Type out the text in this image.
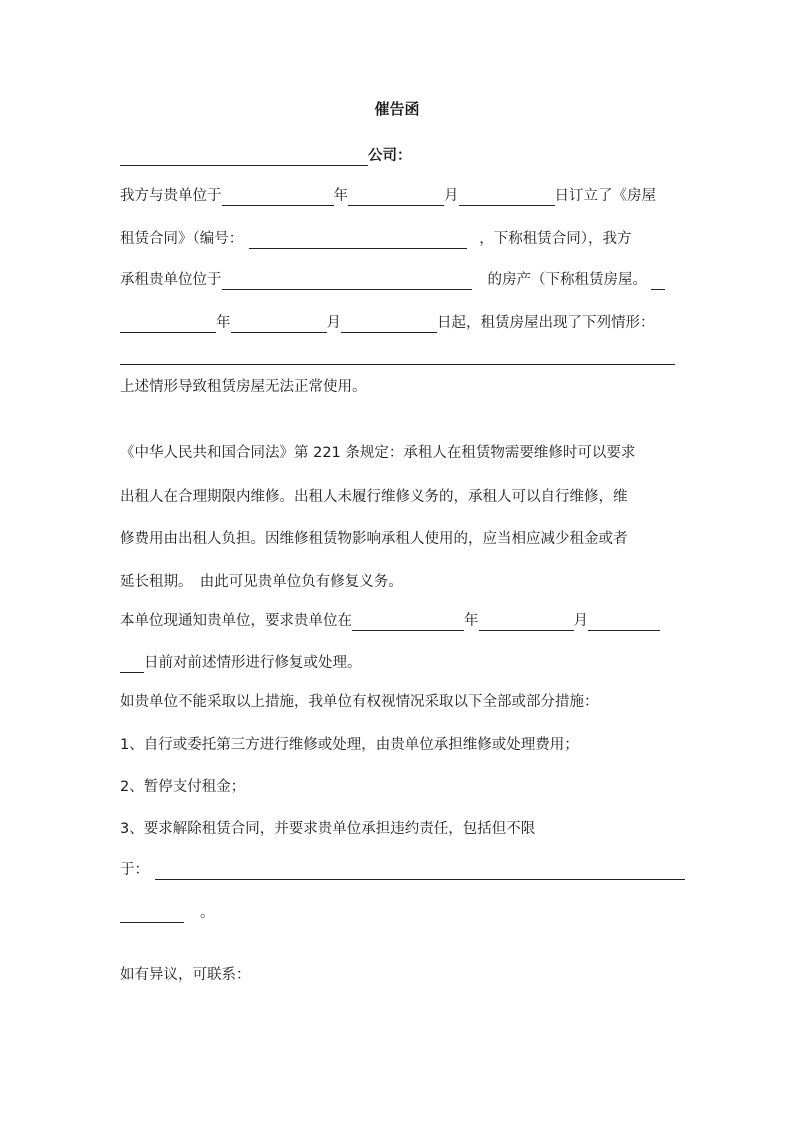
催告函
公司：
我方与贵单位于	年	月	日订立了《房屋
租赁合同》（编号：	，下称租赁合同），我方
承租贵单位位于	的房产（下称租赁房屋。
年	月	日起，租赁房屋出现了下列情形：
上述情形导致租赁房屋无法正常使用。
《中华人民共和国合同法》第 221 条规定：承租人在租赁物需要维修时可以要求
出租人在合理期限内维修。出租人未履行维修义务的，承租人可以自行维修，维
修费用由出租人负担。因维修租赁物影响承租人使用的，应当相应减少租金或者
延长租期。　由此可见贵单位负有修复义务。
本单位现通知贵单位，要求贵单位在	年	月
日前对前述情形进行修复或处理。
如贵单位不能采取以上措施，我单位有权视情况采取以下全部或部分措施：
1、自行或委托第三方进行维修或处理，由贵单位承担维修或处理费用；
2、暂停支付租金；
3、要求解除租赁合同，并要求贵单位承担违约责任，包括但不限
于：
。
如有异议，可联系：
